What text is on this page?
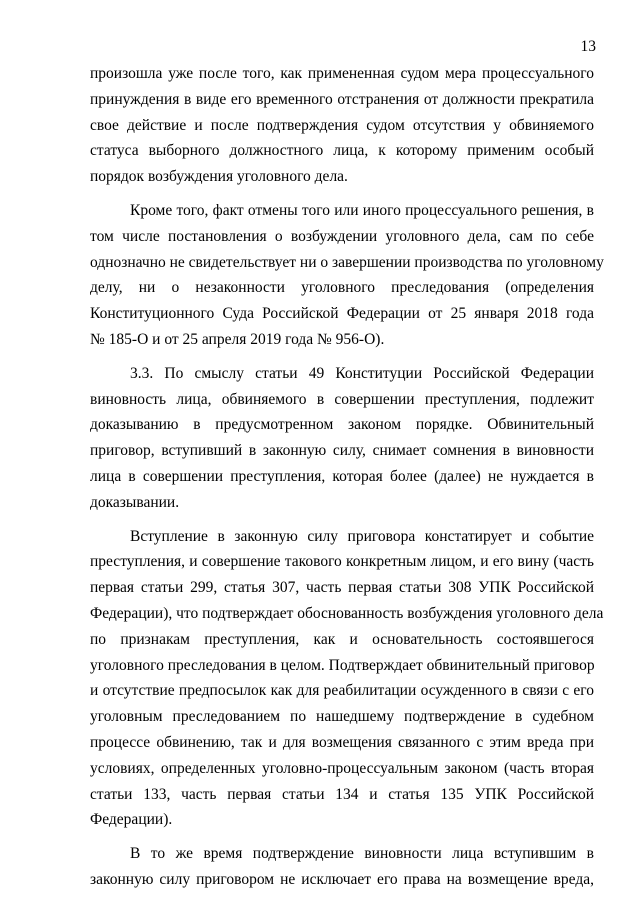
13
произошла уже после того, как примененная судом мера процессуального
принуждения в виде его временного отстранения от должности прекратила
свое действие и после подтверждения судом отсутствия у обвиняемого
статуса выборного должностного лица, к которому применим особый
порядок возбуждения уголовного дела.
Кроме того, факт отмены того или иного процессуального решения, в
том числе постановления о возбуждении уголовного дела, сам по себе
однозначно не свидетельствует ни о завершении производства по уголовному
делу, ни о незаконности уголовного преследования (определения
Конституционного Суда Российской Федерации от 25 января 2018 года
№ 185-О и от 25 апреля 2019 года № 956-О).
3.3. По смыслу статьи 49 Конституции Российской Федерации
виновность лица, обвиняемого в совершении преступления, подлежит
доказыванию в предусмотренном законом порядке. Обвинительный
приговор, вступивший в законную силу, снимает сомнения в виновности
лица в совершении преступления, которая более (далее) не нуждается в
доказывании.
Вступление в законную силу приговора констатирует и событие
преступления, и совершение такового конкретным лицом, и его вину (часть
первая статьи 299, статья 307, часть первая статьи 308 УПК Российской
Федерации), что подтверждает обоснованность возбуждения уголовного дела
по признакам преступления, как и основательность состоявшегося
уголовного преследования в целом. Подтверждает обвинительный приговор
и отсутствие предпосылок как для реабилитации осужденного в связи с его
уголовным преследованием по нашедшему подтверждение в судебном
процессе обвинению, так и для возмещения связанного с этим вреда при
условиях, определенных уголовно-процессуальным законом (часть вторая
статьи 133, часть первая статьи 134 и статья 135 УПК Российской
Федерации).
В то же время подтверждение виновности лица вступившим в
законную силу приговором не исключает его права на возмещение вреда,
